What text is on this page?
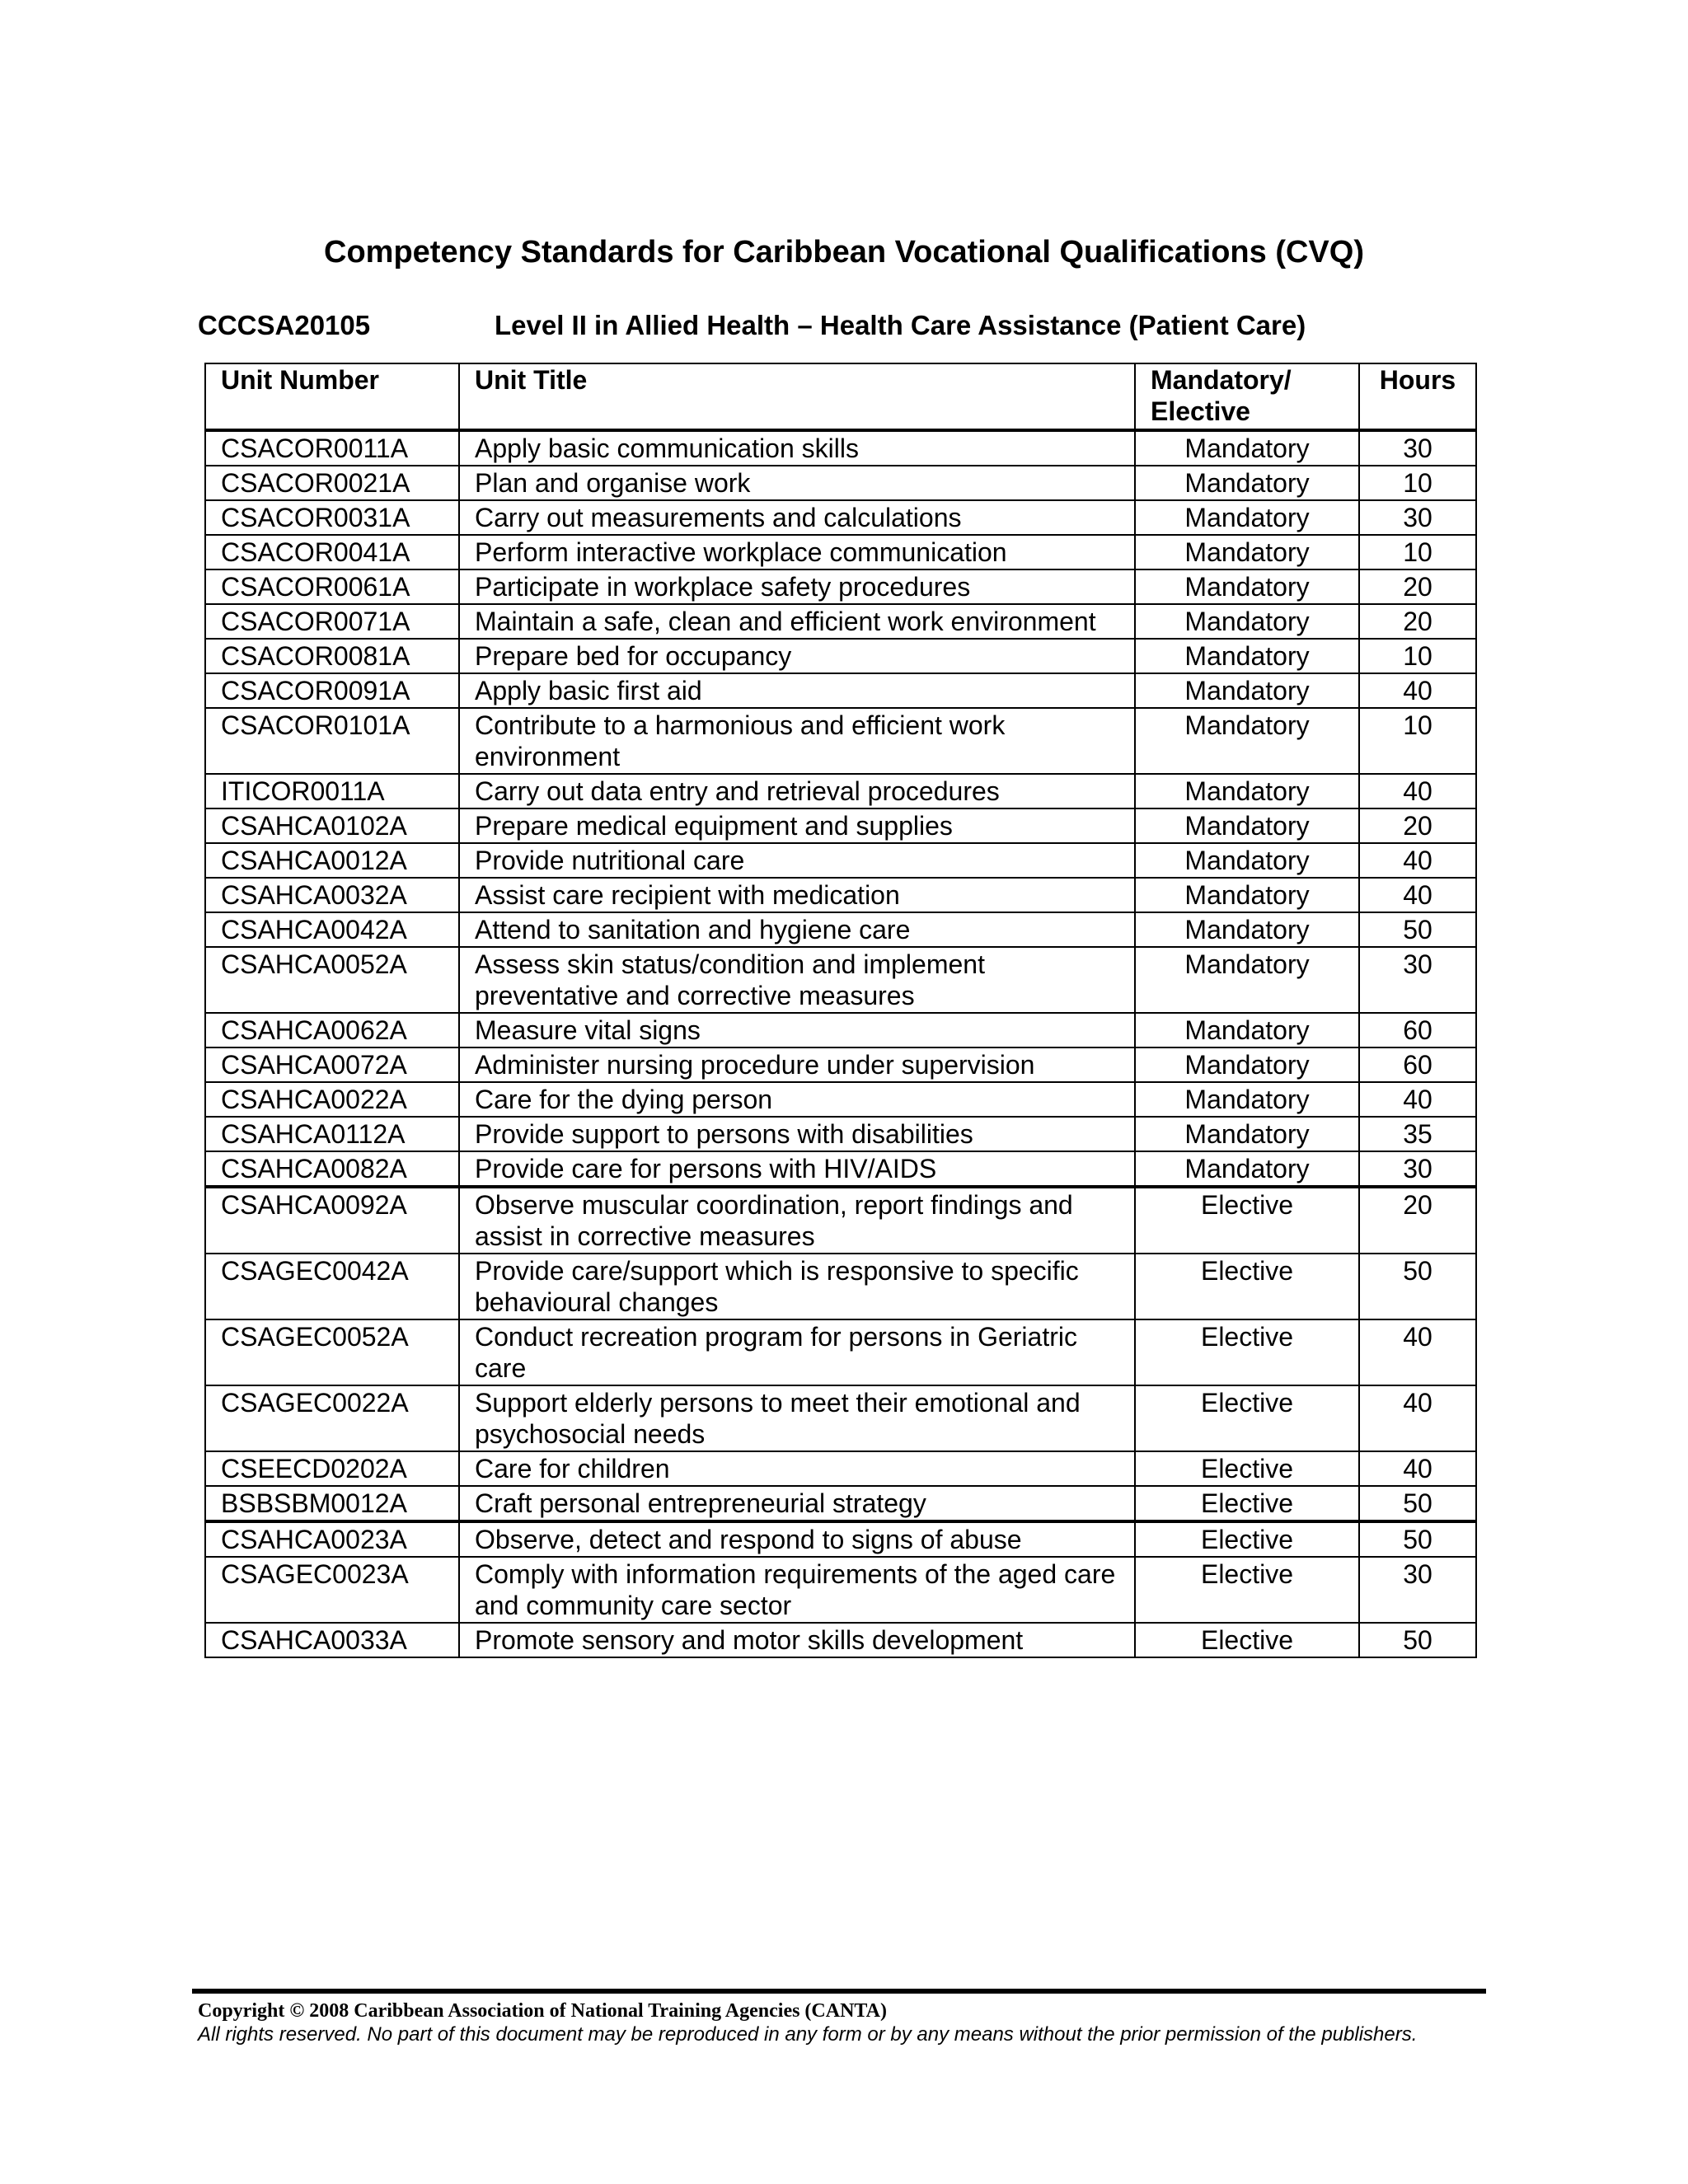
Competency Standards for Caribbean Vocational Qualifications (CVQ)
CCCSA20105	Level II in Allied Health – Health Care Assistance (Patient Care)
Unit Number	Unit Title	Mandatory/ Elective	Hours
CSACOR0011A	Apply basic communication skills	Mandatory	30
CSACOR0021A	Plan and organise work	Mandatory	10
CSACOR0031A	Carry out measurements and calculations	Mandatory	30
CSACOR0041A	Perform interactive workplace communication	Mandatory	10
CSACOR0061A	Participate in workplace safety procedures	Mandatory	20
CSACOR0071A	Maintain a safe, clean and efficient work environment	Mandatory	20
CSACOR0081A	Prepare bed for occupancy	Mandatory	10
CSACOR0091A	Apply basic first aid	Mandatory	40
CSACOR0101A	Contribute to a harmonious and efficient work environment	Mandatory	10
ITICOR0011A	Carry out data entry and retrieval procedures	Mandatory	40
CSAHCA0102A	Prepare medical equipment and supplies	Mandatory	20
CSAHCA0012A	Provide nutritional care	Mandatory	40
CSAHCA0032A	Assist care recipient with medication	Mandatory	40
CSAHCA0042A	Attend to sanitation and hygiene care	Mandatory	50
CSAHCA0052A	Assess skin status/condition and implement preventative and corrective measures	Mandatory	30
CSAHCA0062A	Measure vital signs	Mandatory	60
CSAHCA0072A	Administer nursing procedure under supervision	Mandatory	60
CSAHCA0022A	Care for the dying person	Mandatory	40
CSAHCA0112A	Provide support to persons with disabilities	Mandatory	35
CSAHCA0082A	Provide care for persons with HIV/AIDS	Mandatory	30
CSAHCA0092A	Observe muscular coordination, report findings and assist in corrective measures	Elective	20
CSAGEC0042A	Provide care/support which is responsive to specific behavioural changes	Elective	50
CSAGEC0052A	Conduct recreation program for persons in Geriatric care	Elective	40
CSAGEC0022A	Support elderly persons to meet their emotional and psychosocial needs	Elective	40
CSEECD0202A	Care for children	Elective	40
BSBSBM0012A	Craft personal entrepreneurial strategy	Elective	50
CSAHCA0023A	Observe, detect and respond to signs of abuse	Elective	50
CSAGEC0023A	Comply with information requirements of the aged care and community care sector	Elective	30
CSAHCA0033A	Promote sensory and motor skills development	Elective	50
Copyright © 2008 Caribbean Association of National Training Agencies (CANTA)
All rights reserved. No part of this document may be reproduced in any form or by any means without the prior permission of the publishers.
